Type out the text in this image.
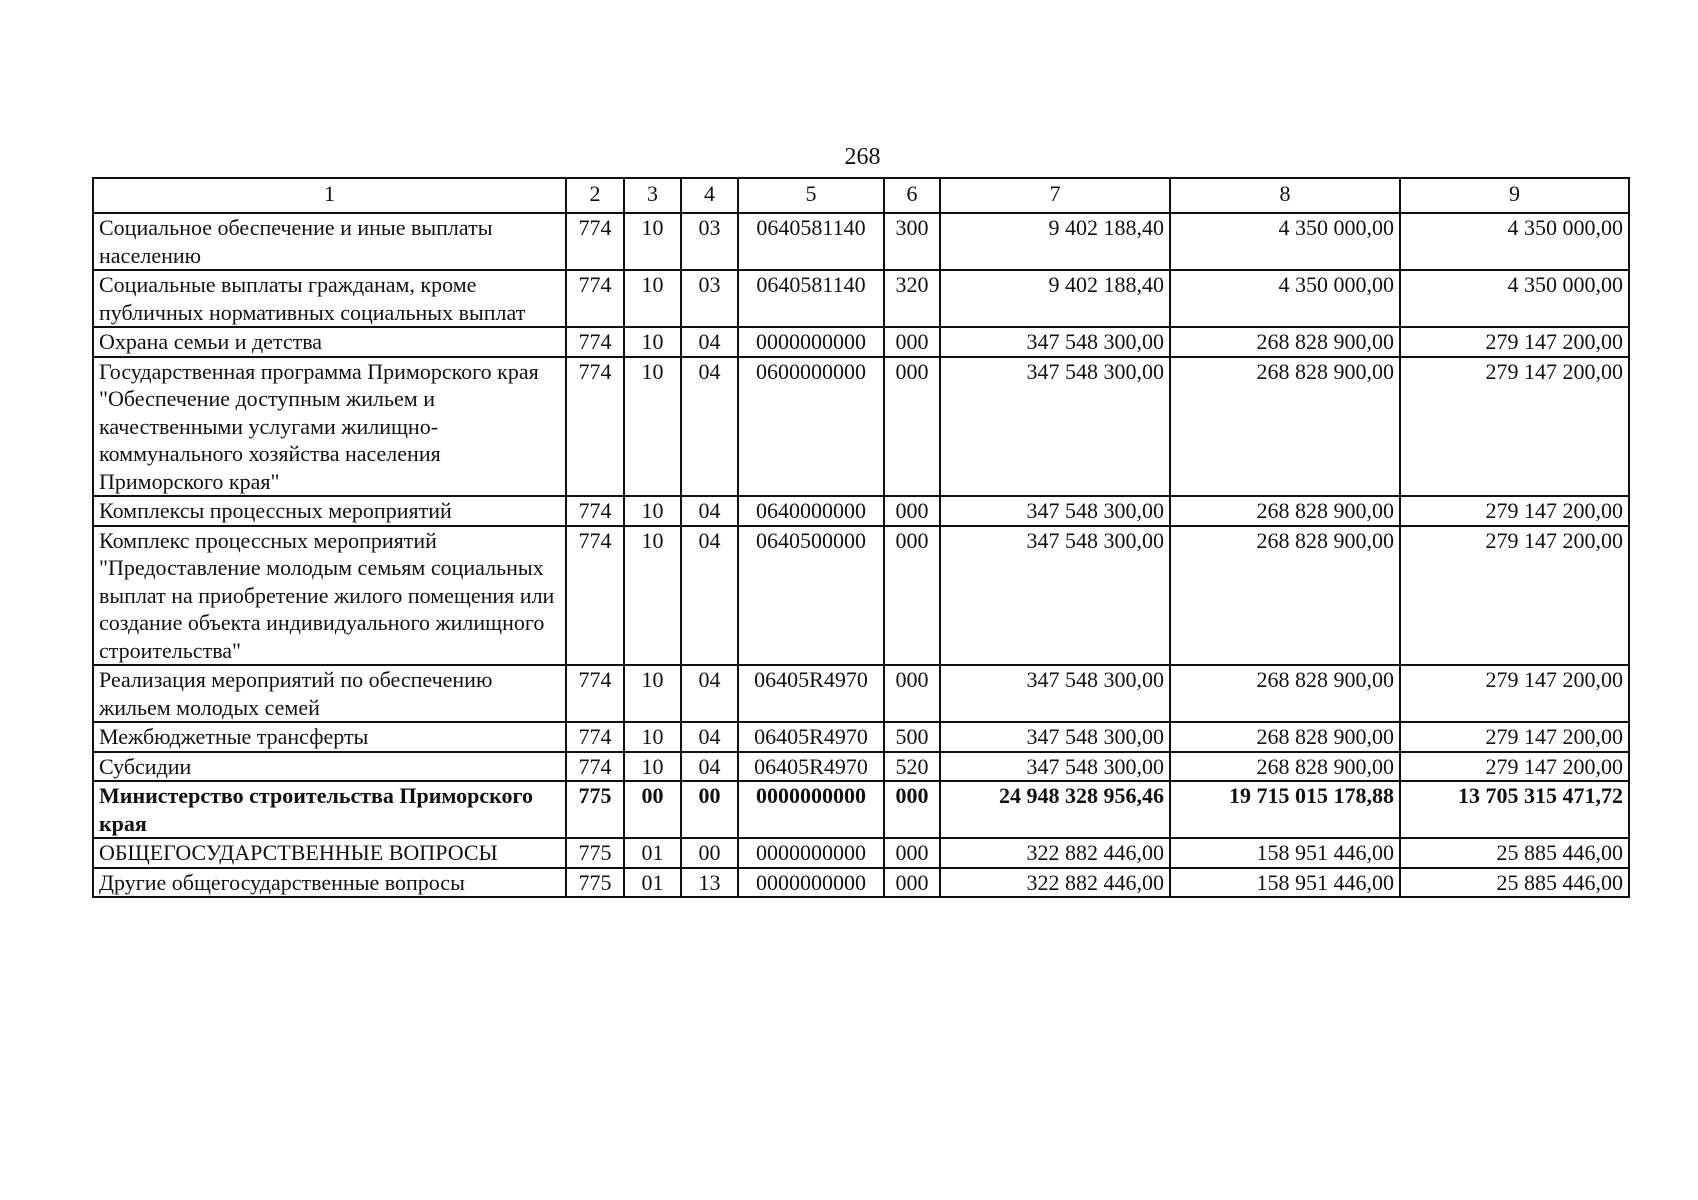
268
1	2	3	4	5	6	7	8	9
Социальное обеспечение и иные выплаты населению	774	10	03	0640581140	300	9 402 188,40	4 350 000,00	4 350 000,00
Социальные выплаты гражданам, кроме публичных нормативных социальных выплат	774	10	03	0640581140	320	9 402 188,40	4 350 000,00	4 350 000,00
Охрана семьи и детства	774	10	04	0000000000	000	347 548 300,00	268 828 900,00	279 147 200,00
Государственная программа Приморского края "Обеспечение доступным жильем и качественными услугами жилищно-коммунального хозяйства населения Приморского края"	774	10	04	0600000000	000	347 548 300,00	268 828 900,00	279 147 200,00
Комплексы процессных мероприятий	774	10	04	0640000000	000	347 548 300,00	268 828 900,00	279 147 200,00
Комплекс процессных мероприятий "Предоставление молодым семьям социальных выплат на приобретение жилого помещения или создание объекта индивидуального жилищного строительства"	774	10	04	0640500000	000	347 548 300,00	268 828 900,00	279 147 200,00
Реализация мероприятий по обеспечению жильем молодых семей	774	10	04	06405R4970	000	347 548 300,00	268 828 900,00	279 147 200,00
Межбюджетные трансферты	774	10	04	06405R4970	500	347 548 300,00	268 828 900,00	279 147 200,00
Субсидии	774	10	04	06405R4970	520	347 548 300,00	268 828 900,00	279 147 200,00
Министерство строительства Приморского края	775	00	00	0000000000	000	24 948 328 956,46	19 715 015 178,88	13 705 315 471,72
ОБЩЕГОСУДАРСТВЕННЫЕ ВОПРОСЫ	775	01	00	0000000000	000	322 882 446,00	158 951 446,00	25 885 446,00
Другие общегосударственные вопросы	775	01	13	0000000000	000	322 882 446,00	158 951 446,00	25 885 446,00
